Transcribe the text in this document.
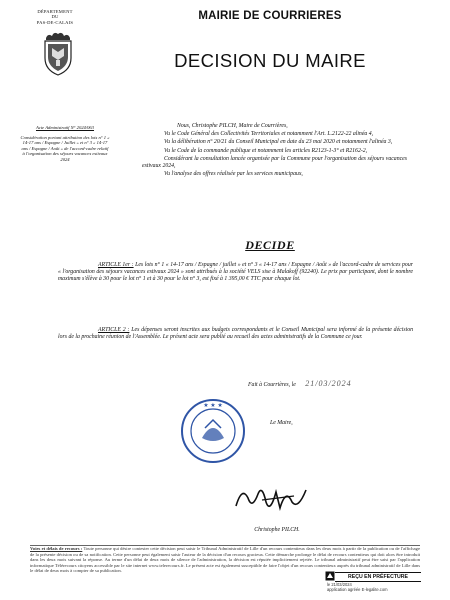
DÉPARTEMENT
DU
PAS-DE-CALAIS
MAIRIE DE COURRIERES
DECISION DU MAIRE

Acte Administratif N° 2024/063

Considération portant attribution des lots n° 1 « 14-17 ans / Espagne / Juillet » et n° 3 « 14-17 ans / Espagne / Août » de l'accord-cadre relatif à l'organisation des séjours vacances estivaux 2024

Nous, Christophe PILCH, Maire de Courrières,

Vu le Code Général des Collectivités Territoriales et notamment l'Art. L.2122-22 alinéa 4,

Vu la délibération n° 20/21 du Conseil Municipal en date du 23 mai 2020 et notamment l'alinéa 3,

Vu le Code de la commande publique et notamment les articles R2123-1-3° et R2162-2,

Considérant la consultation lancée organisée par la Commune pour l'organisation des séjours vacances estivaux 2024,

Vu l'analyse des offres réalisée par les services municipaux,

DECIDE
ARTICLE 1er : Les lots n° 1 « 14-17 ans / Espagne / juillet » et n° 3 « 14-17 ans / Espagne / Août » de l'accord-cadre de services pour « l'organisation des séjours vacances estivaux 2024 » sont attribués à la société VELS sise à Malakoff (92240). Le prix par participant, dont le nombre maximum s'élève à 30 pour le lot n° 1 et à 30 pour le lot n° 3, est fixé à 1 395,00 € TTC pour chaque lot.
ARTICLE 2 : Les dépenses seront inscrites aux budgets correspondants et le Conseil Municipal sera informé de la présente décision lors de la prochaine réunion de l'Assemblée. Le présent acte sera publié au recueil des actes administratifs de la Commune ce jour.
Fait à Courrières, le 21/03/2024
Le Maire,
★ ★ ★
Christophe PILCH.

Voies et délais de recours : Toute personne qui désire contester cette décision peut saisir le Tribunal Administratif de Lille d'un recours contentieux dans les deux mois à partir de la publication ou de l'affichage de la présente décision ou de sa notification. Cette personne peut également saisir l'auteur de la décision d'un recours gracieux. Cette démarche prolonge le délai de recours contentieux qui doit alors être introduit dans les deux mois suivant la réponse. Au terme d'un délai de deux mois de silence de l'administration, la décision est réputée implicitement rejetée. Le tribunal administratif peut être saisi par l'application informatique Télérecours citoyens accessible par le site internet www.telerecours.fr. Le présent acte est également susceptible de faire l'objet d'un recours contentieux auprès du tribunal administratif de Lille dans le délai de deux mois à compter de sa publication.

REÇU EN PRÉFECTURE
le 21/03/2024
application agréée E-legalite.com
